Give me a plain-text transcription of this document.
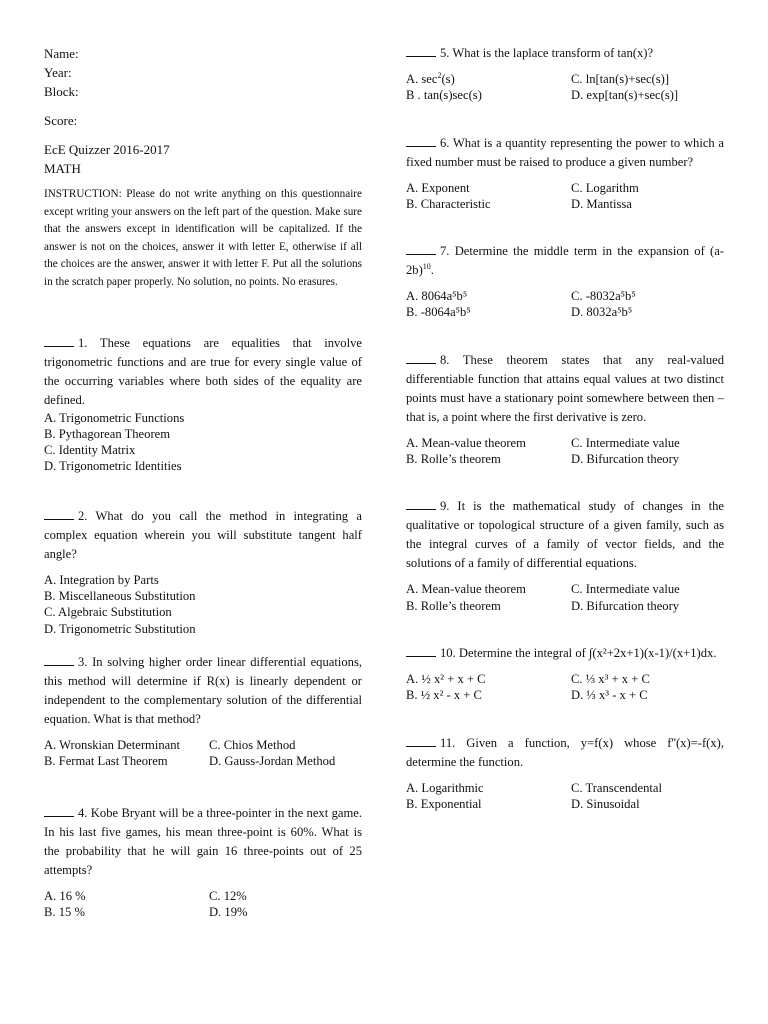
Name:
Year:
Block:
Score:
EcE Quizzer 2016-2017
MATH
INSTRUCTION: Please do not write anything on this questionnaire except writing your answers on the left part of the question. Make sure that the answers except in identification will be capitalized. If the answer is not on the choices, answer it with letter E, otherwise if all the choices are the answer, answer it with letter F. Put all the solutions in the scratch paper properly. No solution, no points. No erasures.
1. These equations are equalities that involve trigonometric functions and are true for every single value of the occurring variables where both sides of the equality are defined.
A. Trigonometric Functions
B. Pythagorean Theorem
C. Identity Matrix
D. Trigonometric Identities
2. What do you call the method in integrating a complex equation wherein you will substitute tangent half angle?
A. Integration by Parts
B. Miscellaneous Substitution
C. Algebraic Substitution
D. Trigonometric Substitution
3. In solving higher order linear differential equations, this method will determine if R(x) is linearly dependent or independent to the complementary solution of the differential equation. What is that method?
A. Wronskian Determinant	C. Chios Method
B. Fermat Last Theorem	D. Gauss-Jordan Method
4. Kobe Bryant will be a three-pointer in the next game. In his last five games, his mean three-point is 60%. What is the probability that he will gain 16 three-points out of 25 attempts?
A. 16 %	C. 12%
B. 15 %	D. 19%
5. What is the laplace transform of tan(x)?
A. $\sec^2(s)$	C. ln[tan(s)+sec(s)]
B . tan(s)sec(s)	D. exp[tan(s)+sec(s)]
6. What is a quantity representing the power to which a fixed number must be raised to produce a given number?
A. Exponent	C. Logarithm
B. Characteristic	D. Mantissa
7. Determine the middle term in the expansion of $(a-2b)^{10}$.
A. 8064a⁵b⁵	C. -8032a⁵b⁵
B. -8064a⁵b⁵	D. 8032a⁵b⁵
8. These theorem states that any real-valued differentiable function that attains equal values at two distinct points must have a stationary point somewhere between then – that is, a point where the first derivative is zero.
A. Mean-value theorem	C. Intermediate value
B. Rolle’s theorem	D. Bifurcation theory
9. It is the mathematical study of changes in the qualitative or topological structure of a given family, such as the integral curves of a family of vector fields, and the solutions of a family of differential equations.
A. Mean-value theorem	C. Intermediate value
B. Rolle’s theorem	D. Bifurcation theory
10. Determine the integral of ∫(x²+2x+1)(x-1)/(x+1)dx.
A. ½ x² + x + C	C. ⅓ x³ + x + C
B. ½ x² - x + C	D. ⅓ x³ - x + C
11. Given a function, y=f(x) whose f''(x)=-f(x), determine the function.
A. Logarithmic	C. Transcendental
B. Exponential	D. Sinusoidal
